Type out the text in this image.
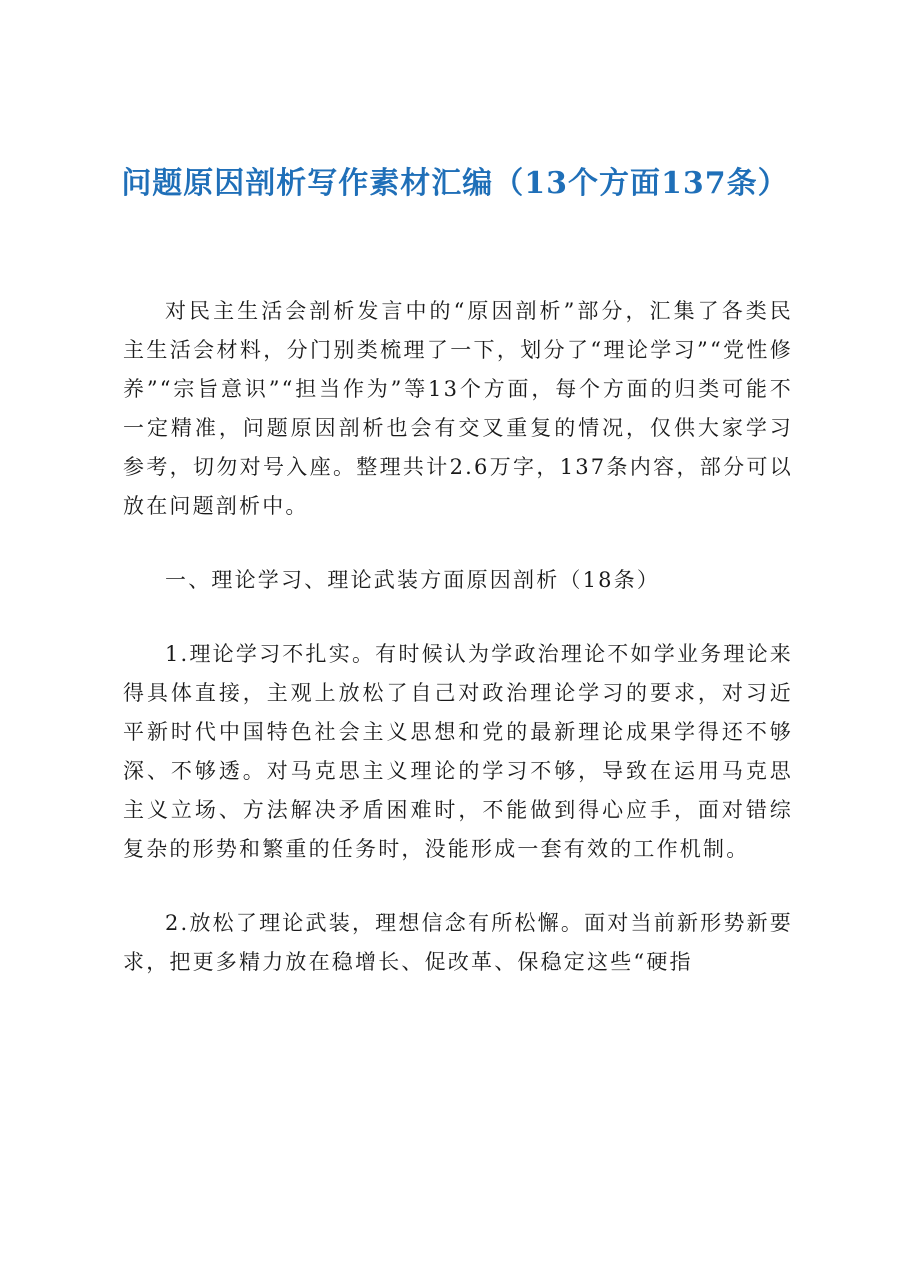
问题原因剖析写作素材汇编（13个方面137条）

对民主生活会剖析发言中的“原因剖析”部分，汇集了各类民主生活会材料，分门别类梳理了一下，划分了“理论学习”“党性修养”“宗旨意识”“担当作为”等13个方面，每个方面的归类可能不一定精准，问题原因剖析也会有交叉重复的情况，仅供大家学习参考，切勿对号入座。整理共计2.6万字，137条内容，部分可以放在问题剖析中。

一、理论学习、理论武装方面原因剖析（18条）

1.理论学习不扎实。有时候认为学政治理论不如学业务理论来得具体直接，主观上放松了自己对政治理论学习的要求，对习近平新时代中国特色社会主义思想和党的最新理论成果学得还不够深、不够透。对马克思主义理论的学习不够，导致在运用马克思主义立场、方法解决矛盾困难时，不能做到得心应手，面对错综复杂的形势和繁重的任务时，没能形成一套有效的工作机制。

2.放松了理论武装，理想信念有所松懈。面对当前新形势新要求，把更多精力放在稳增长、促改革、保稳定这些“硬指
